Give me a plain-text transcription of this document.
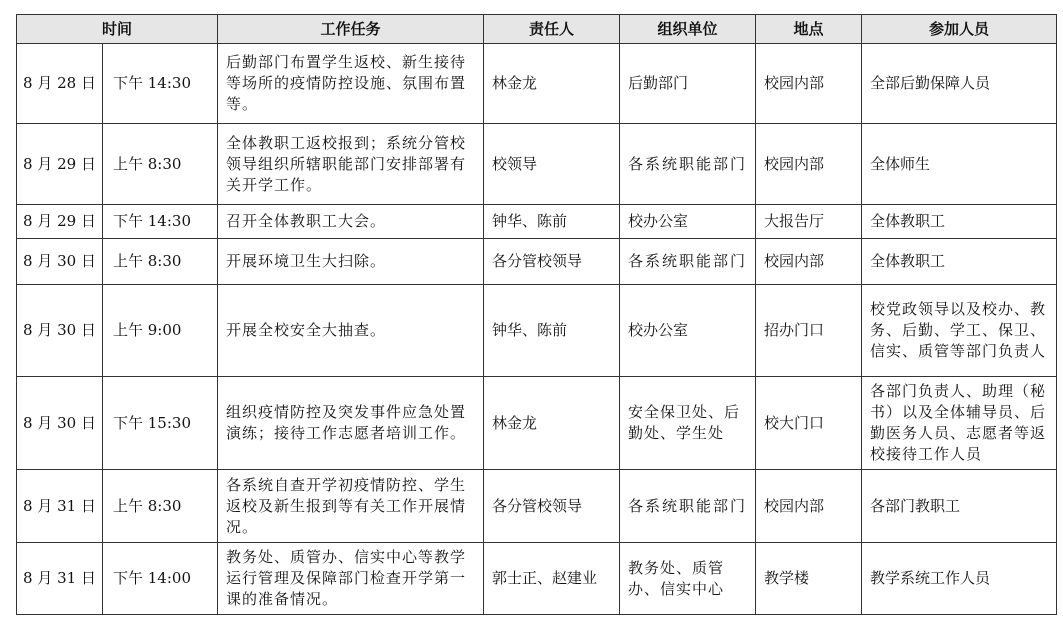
时间		工作任务	责任人	组织单位	地点	参加人员
8 月 28 日	下午 14:30	后勤部门布置学生返校、新生接待等场所的疫情防控设施、氛围布置等。	林金龙	后勤部门	校园内部	全部后勤保障人员
8 月 29 日	上午 8:30	全体教职工返校报到；系统分管校领导组织所辖职能部门安排部署有关开学工作。	校领导	各系统职能部门	校园内部	全体师生
8 月 29 日	下午 14:30	召开全体教职工大会。	钟华、陈前	校办公室	大报告厅	全体教职工
8 月 30 日	上午 8:30	开展环境卫生大扫除。	各分管校领导	各系统职能部门	校园内部	全体教职工
8 月 30 日	上午 9:00	开展全校安全大抽查。	钟华、陈前	校办公室	招办门口	校党政领导以及校办、教务、后勤、学工、保卫、信实、质管等部门负责人
8 月 30 日	下午 15:30	组织疫情防控及突发事件应急处置演练；接待工作志愿者培训工作。	林金龙	安全保卫处、后勤处、学生处	校大门口	各部门负责人、助理（秘书）以及全体辅导员、后勤医务人员、志愿者等返校接待工作人员
8 月 31 日	上午 8:30	各系统自查开学初疫情防控、学生返校及新生报到等有关工作开展情况。	各分管校领导	各系统职能部门	校园内部	各部门教职工
8 月 31 日	下午 14:00	教务处、质管办、信实中心等教学运行管理及保障部门检查开学第一课的准备情况。	郭士正、赵建业	教务处、质管办、信实中心	教学楼	教学系统工作人员
